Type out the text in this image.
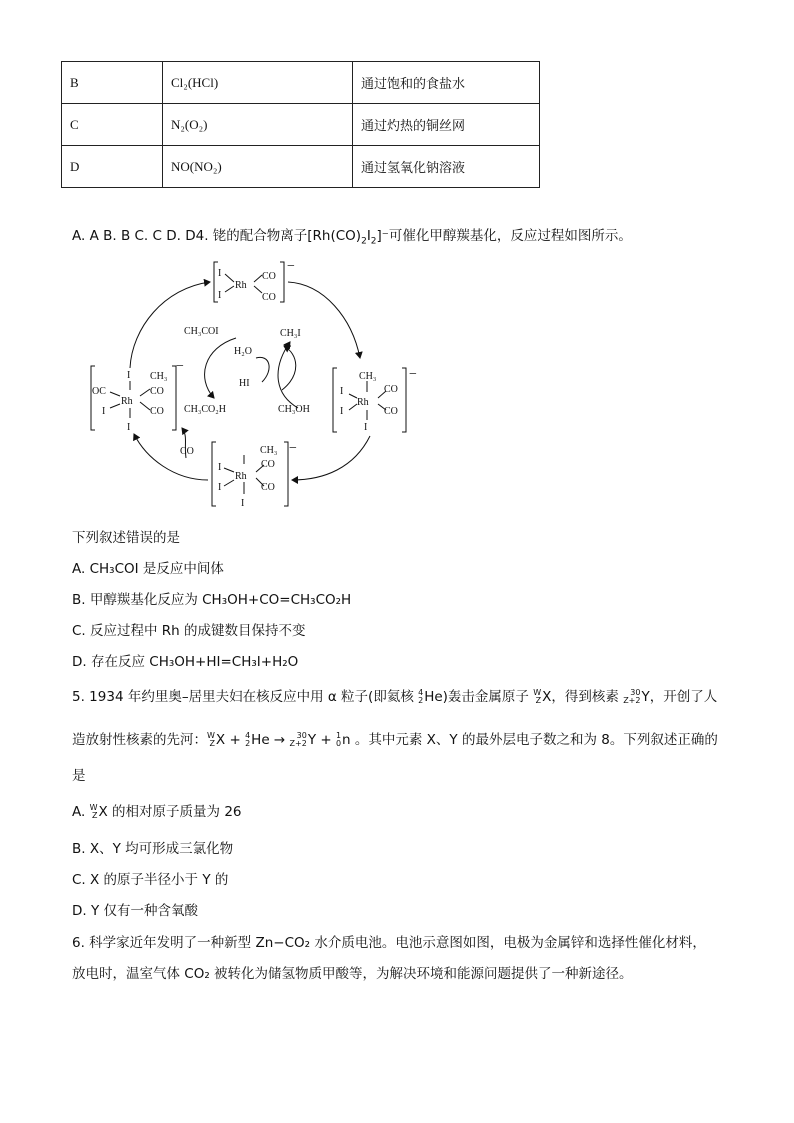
B	Cl₂(HCl)	通过饱和的食盐水
C	N₂(O₂)	通过灼热的铜丝网
D	NO(NO₂)	通过氢氧化钠溶液
A. A B. B C. C D. D4. 铑的配合物离子$[Rh(CO)_2I_2]^-$可催化甲醇羰基化，反应过程如图所示。
I
I
Rh
CO
CO
−
CH₃
I
I
Rh
CO
CO
I
−
CH₃
I
I
Rh
CO
CO
I
−
I
OC
I
Rh
CH₃
CO
CO
I
−
CH₃COI
H₂O
HI
CH₃CO₂H
CH₃I
CH₃OH
CO
下列叙述错误的是
A. CH₃COI 是反应中间体
B. 甲醇羰基化反应为 CH₃OH+CO=CH₃CO₂H
C. 反应过程中 Rh 的成键数目保持不变
D. 存在反应 CH₃OH+HI=CH₃I+H₂O
5. 1934 年约里奥–居里夫妇在核反应中用 α 粒子(即氦核 4
2 He)轰击金属原子 W
Z X，得到核素 30
Z+2 Y，开创了人
造放射性核素的先河： W
Z X + 4
2 He → 30
Z+2 Y + 1
0 n 。其中元素 X、Y 的最外层电子数之和为 8。下列叙述正确的
是
A. W
Z X 的相对原子质量为 26
B. X、Y 均可形成三氯化物
C. X 的原子半径小于 Y 的
D. Y 仅有一种含氧酸
6. 科学家近年发明了一种新型 Zn−CO₂ 水介质电池。电池示意图如图，电极为金属锌和选择性催化材料，
放电时，温室气体 CO₂ 被转化为储氢物质甲酸等，为解决环境和能源问题提供了一种新途径。
